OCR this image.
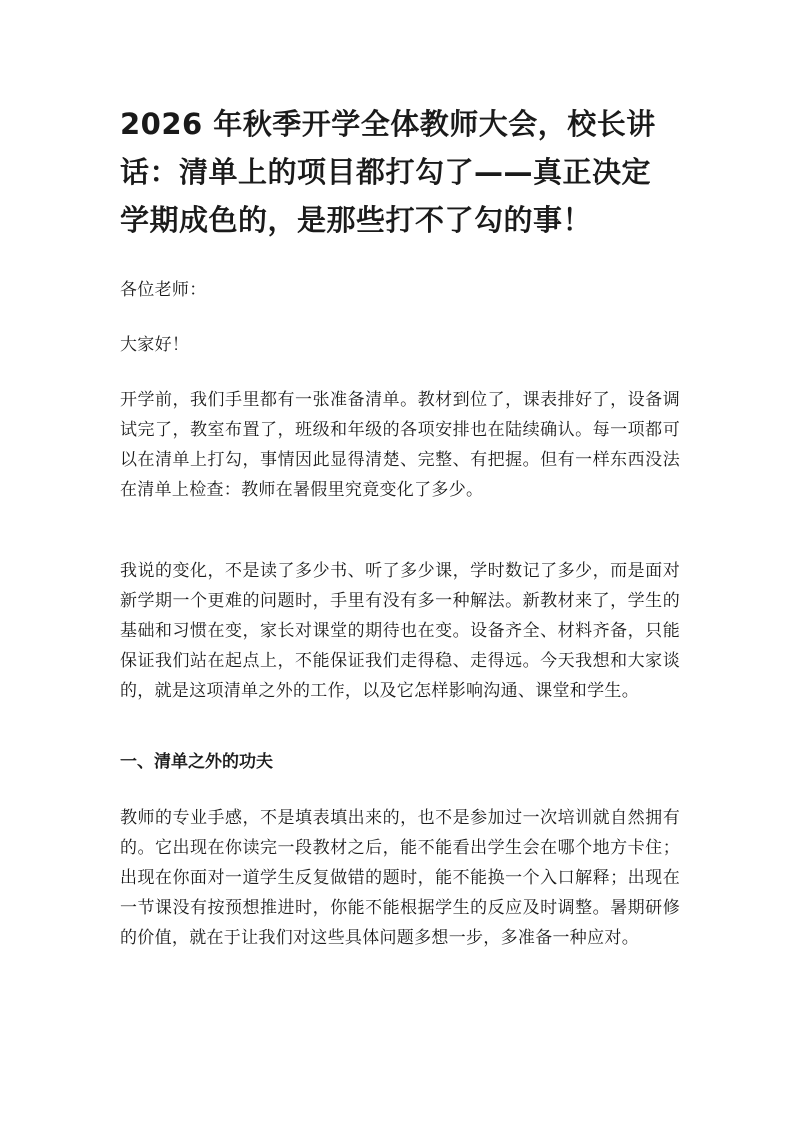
2026 年秋季开学全体教师大会，校长讲话：清单上的项目都打勾了——真正决定学期成色的，是那些打不了勾的事！

各位老师：

大家好！

开学前，我们手里都有一张准备清单。教材到位了，课表排好了，设备调试完了，教室布置了，班级和年级的各项安排也在陆续确认。每一项都可以在清单上打勾，事情因此显得清楚、完整、有把握。但有一样东西没法在清单上检查：教师在暑假里究竟变化了多少。

我说的变化，不是读了多少书、听了多少课，学时数记了多少，而是面对新学期一个更难的问题时，手里有没有多一种解法。新教材来了，学生的基础和习惯在变，家长对课堂的期待也在变。设备齐全、材料齐备，只能保证我们站在起点上，不能保证我们走得稳、走得远。今天我想和大家谈的，就是这项清单之外的工作，以及它怎样影响沟通、课堂和学生。

一、清单之外的功夫

教师的专业手感，不是填表填出来的，也不是参加过一次培训就自然拥有的。它出现在你读完一段教材之后，能不能看出学生会在哪个地方卡住；出现在你面对一道学生反复做错的题时，能不能换一个入口解释；出现在一节课没有按预想推进时，你能不能根据学生的反应及时调整。暑期研修的价值，就在于让我们对这些具体问题多想一步，多准备一种应对。
